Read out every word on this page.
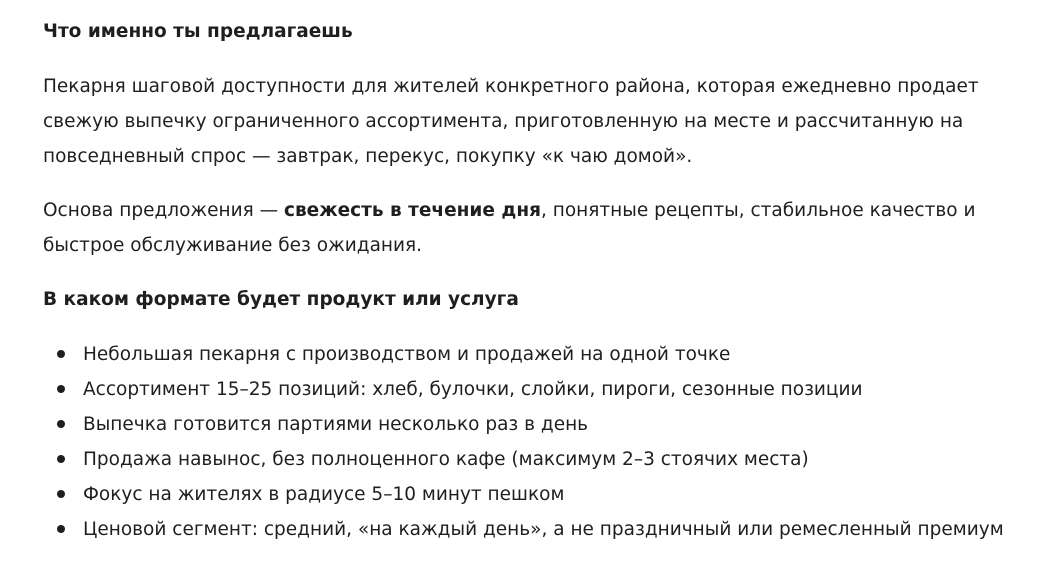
Что именно ты предлагаешь

Пекарня шаговой доступности для жителей конкретного района, которая ежедневно продает свежую выпечку ограниченного ассортимента, приготовленную на месте и рассчитанную на повседневный спрос — завтрак, перекус, покупку «к чаю домой».

Основа предложения — свежесть в течение дня, понятные рецепты, стабильное качество и быстрое обслуживание без ожидания.

В каком формате будет продукт или услуга

Небольшая пекарня с производством и продажей на одной точке
Ассортимент 15–25 позиций: хлеб, булочки, слойки, пироги, сезонные позиции
Выпечка готовится партиями несколько раз в день
Продажа навынос, без полноценного кафе (максимум 2–3 стоячих места)
Фокус на жителях в радиусе 5–10 минут пешком
Ценовой сегмент: средний, «на каждый день», а не праздничный или ремесленный премиум
